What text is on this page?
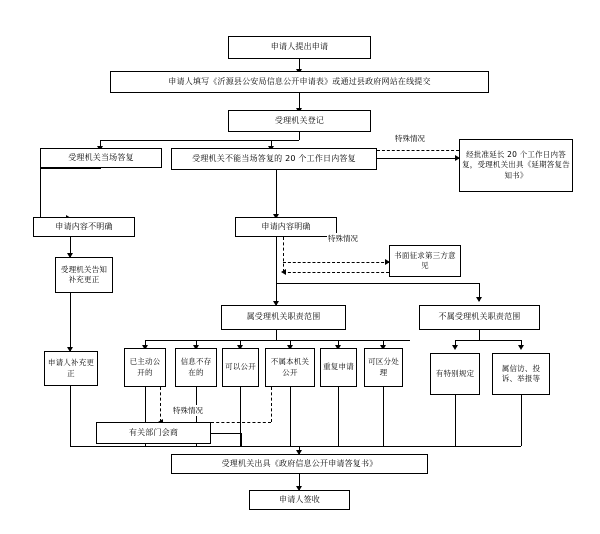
申请人提出申请
申请人填写《沂源县公安局信息公开申请表》或通过县政府网站在线提交
受理机关登记
受理机关当场答复	受理机关不能当场答复的 20 个工作日内答复	经批准延长 20 个工作日内答复，受理机关出具《延期答复告知书》
申请内容不明确	申请内容明确
书面征求第三方意见
受理机关告知补充更正
申请人补充更正
属受理机关职责范围	不属受理机关职责范围
已主动公开的
信息不存在的
可以公开
不属本机关公开
重复申请
可区分处理	有特别规定
属信访、投诉、举报等
有关部门会商
受理机关出具《政府信息公开申请答复书》
申请人签收
特殊情况
特殊情况
特殊情况
